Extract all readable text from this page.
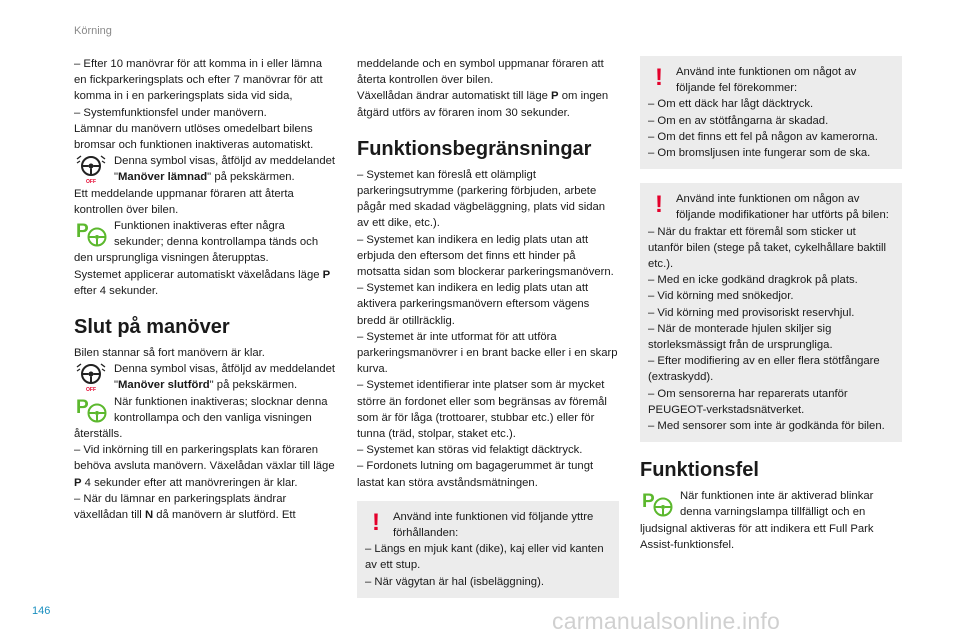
Körning

– Efter 10 manövrar för att komma in i eller lämna en fickparkeringsplats och efter 7 manövrar för att komma in i en parkeringsplats sida vid sida,
– Systemfunktionsfel under manövern.
Lämnar du manövern utlöses omedelbart bilens bromsar och funktionen inaktiveras automatiskt.

OFF

Denna symbol visas, åtföljd av meddelandet "Manöver lämnad" på pekskärmen.
Ett meddelande uppmanar föraren att återta kontrollen över bilen.

P	Funktionen inaktiveras efter några sekunder; denna kontrollampa tänds och den ursprungliga visningen återupptas.
Systemet applicerar automatiskt växelådans läge P efter 4 sekunder.

Slut på manöver

Bilen stannar så fort manövern är klar.

OFF

Denna symbol visas, åtföljd av meddelandet "Manöver slutförd" på pekskärmen.

P	När funktionen inaktiveras; slocknar denna kontrollampa och den vanliga visningen återställs.
– Vid inkörning till en parkeringsplats kan föraren behöva avsluta manövern. Växelådan växlar till läge P 4 sekunder efter att manövreringen är klar.
– När du lämnar en parkeringsplats ändrar växellådan till N då manövern är slutförd. Ett

meddelande och en symbol uppmanar föraren att återta kontrollen över bilen.
Växellådan ändrar automatiskt till läge P om ingen åtgärd utförs av föraren inom 30 sekunder.

Funktionsbegränsningar

– Systemet kan föreslå ett olämpligt parkeringsutrymme (parkering förbjuden, arbete pågår med skadad vägbeläggning, plats vid sidan av ett dike, etc.).
– Systemet kan indikera en ledig plats utan att erbjuda den eftersom det finns ett hinder på motsatta sidan som blockerar parkeringsmanövern.
– Systemet kan indikera en ledig plats utan att aktivera parkeringsmanövern eftersom vägens bredd är otillräcklig.
– Systemet är inte utformat för att utföra parkeringsmanövrer i en brant backe eller i en skarp kurva.
– Systemet identifierar inte platser som är mycket större än fordonet eller som begränsas av föremål som är för låga (trottoarer, stubbar etc.) eller för tunna (träd, stolpar, staket etc.).
– Systemet kan störas vid felaktigt däcktryck.
– Fordonets lutning om bagagerummet är tungt lastat kan störa avståndsmätningen.

!	Använd inte funktionen vid följande yttre förhållanden:
– Längs en mjuk kant (dike), kaj eller vid kanten av ett stup.
– När vägytan är hal (isbeläggning).

!	Använd inte funktionen om något av följande fel förekommer:
– Om ett däck har lågt däcktryck.
– Om en av stötfångarna är skadad.
– Om det finns ett fel på någon av kamerorna.
– Om bromsljusen inte fungerar som de ska.

!	Använd inte funktionen om någon av följande modifikationer har utförts på bilen:
– När du fraktar ett föremål som sticker ut utanför bilen (stege på taket, cykelhållare baktill etc.).
– Med en icke godkänd dragkrok på plats.
– Vid körning med snökedjor.
– Vid körning med provisoriskt reservhjul.
– När de monterade hjulen skiljer sig storleksmässigt från de ursprungliga.
– Efter modifiering av en eller flera stötfångare (extraskydd).
– Om sensorerna har reparerats utanför PEUGEOT-verkstadsnätverket.
– Med sensorer som inte är godkända för bilen.

Funktionsfel
P	När funktionen inte är aktiverad blinkar denna varningslampa tillfälligt och en ljudsignal aktiveras för att indikera ett Full Park Assist-funktionsfel.

146	carmanualsonline.info
